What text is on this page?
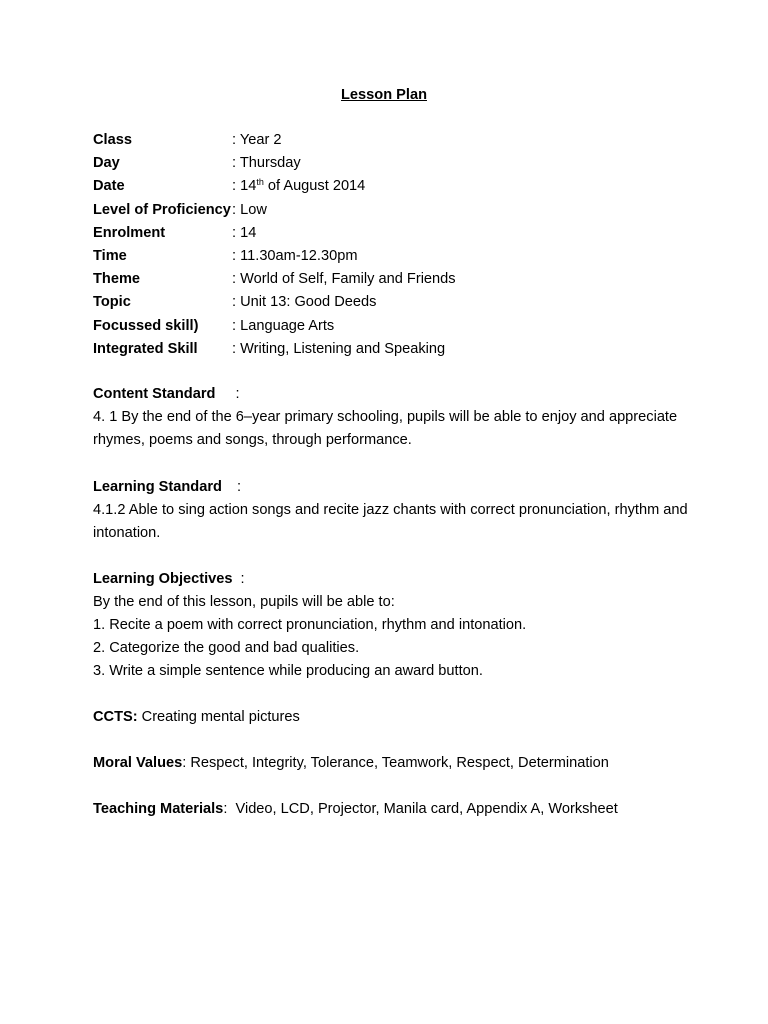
Lesson Plan
Class	: Year 2
Day	: Thursday
Date	: 14th of August 2014
Level of Proficiency: Low
Enrolment	: 14
Time	: 11.30am-12.30pm
Theme	: World of Self, Family and Friends
Topic	: Unit 13: Good Deeds
Focussed skill) : Language Arts
Integrated Skill : Writing, Listening and Speaking
Content Standard :
4. 1 By the end of the 6–year primary schooling, pupils will be able to enjoy and appreciate
rhymes, poems and songs, through performance.
Learning Standard :
4.1.2 Able to sing action songs and recite jazz chants with correct pronunciation, rhythm and
intonation.
Learning Objectives :
By the end of this lesson, pupils will be able to:
1. Recite a poem with correct pronunciation, rhythm and intonation.
2. Categorize the good and bad qualities.
3. Write a simple sentence while producing an award button.
CCTS: Creating mental pictures
Moral Values: Respect, Integrity, Tolerance, Teamwork, Respect, Determination
Teaching Materials:  Video, LCD, Projector, Manila card, Appendix A, Worksheet
